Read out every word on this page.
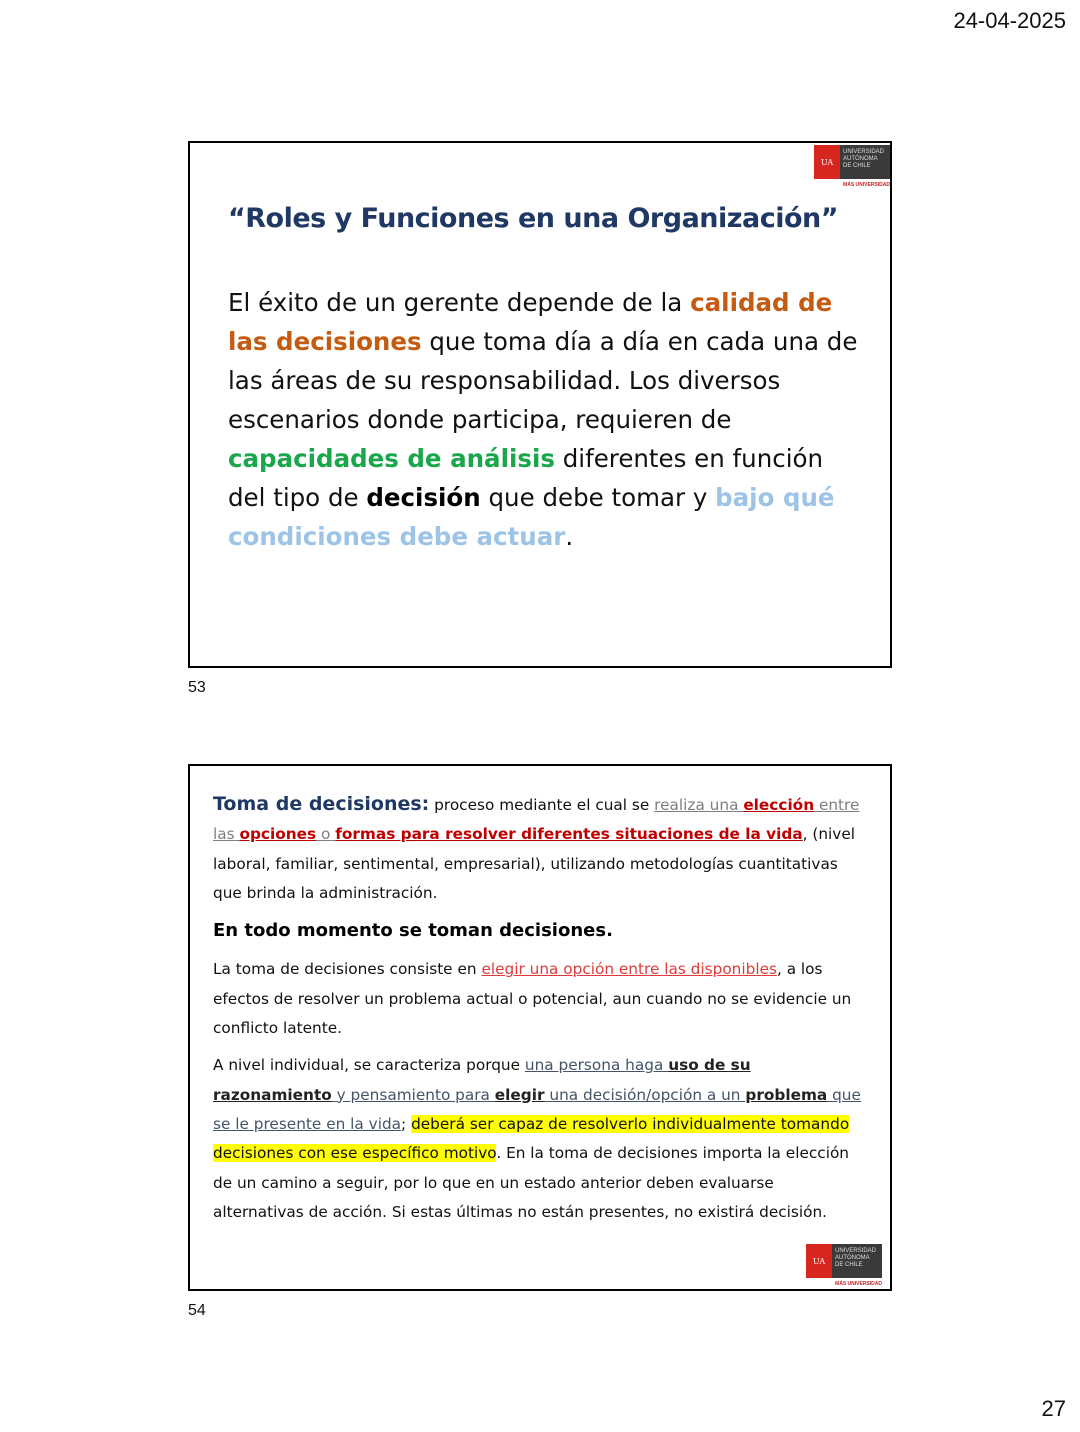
24-04-2025
UA
UNIVERSIDAD
AUTÓNOMA
DE CHILE
MÁS UNIVERSIDAD
“Roles y Funciones en una Organización”
El éxito de un gerente depende de la calidad de las decisiones que toma día a día en cada una de las áreas de su responsabilidad. Los diversos escenarios donde participa, requieren de capacidades de análisis diferentes en función del tipo de decisión que debe tomar y bajo qué condiciones debe actuar.
53

Toma de decisiones: proceso mediante el cual se realiza una elección entre las opciones o formas para resolver diferentes situaciones de la vida, (nivel laboral, familiar, sentimental, empresarial), utilizando metodologías cuantitativas que brinda la administración.

En todo momento se toman decisiones.

La toma de decisiones consiste en elegir una opción entre las disponibles, a los efectos de resolver un problema actual o potencial, aun cuando no se evidencie un conflicto latente.

A nivel individual, se caracteriza porque una persona haga uso de su razonamiento y pensamiento para elegir una decisión/opción a un problema que se le presente en la vida; deberá ser capaz de resolverlo individualmente tomando decisiones con ese específico motivo. En la toma de decisiones importa la elección de un camino a seguir, por lo que en un estado anterior deben evaluarse alternativas de acción. Si estas últimas no están presentes, no existirá decisión.

UA
UNIVERSIDAD
AUTÓNOMA
DE CHILE
MÁS UNIVERSIDAD
54
27
